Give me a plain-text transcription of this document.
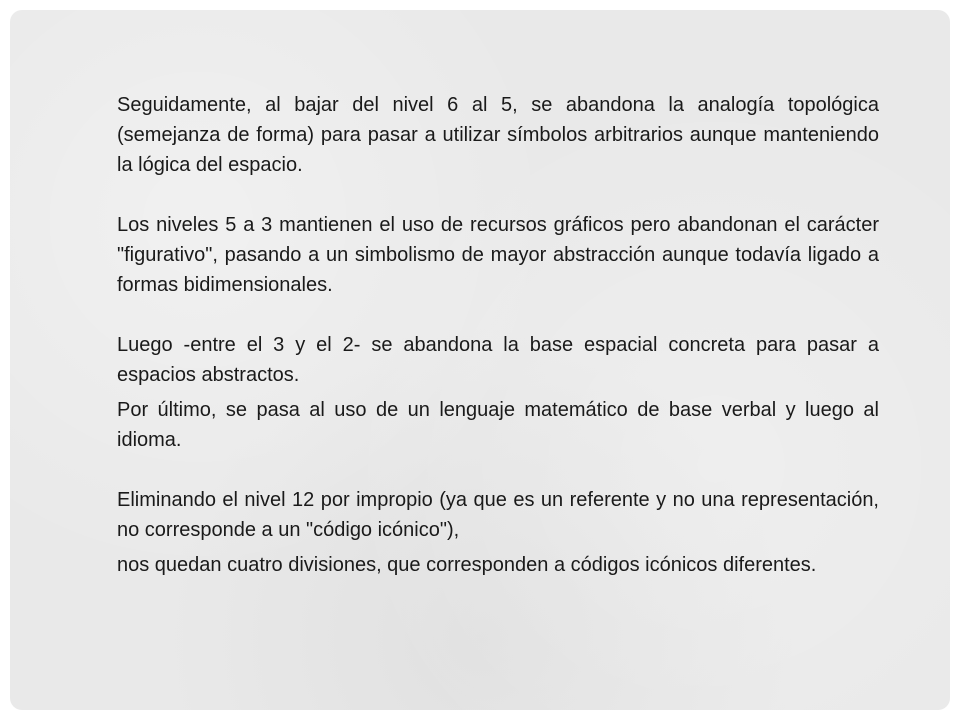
Seguidamente, al bajar del nivel 6 al 5, se abandona la analogía topológica (semejanza de forma) para pasar a utilizar símbolos arbitrarios aunque manteniendo la lógica del espacio.

Los niveles 5 a 3 mantienen el uso de recursos gráficos pero abandonan el carácter "figurativo", pasando a un simbolismo de mayor abstracción aunque todavía ligado a formas bidimensionales.

Luego -entre el 3 y el 2- se abandona la base espacial concreta para pasar a espacios abstractos.

Por último, se pasa al uso de un lenguaje matemático de base verbal y luego al idioma.

Eliminando el nivel 12 por impropio (ya que es un referente y no una representación, no corresponde a un "código icónico"),

nos quedan cuatro divisiones, que corresponden a códigos icónicos diferentes.
